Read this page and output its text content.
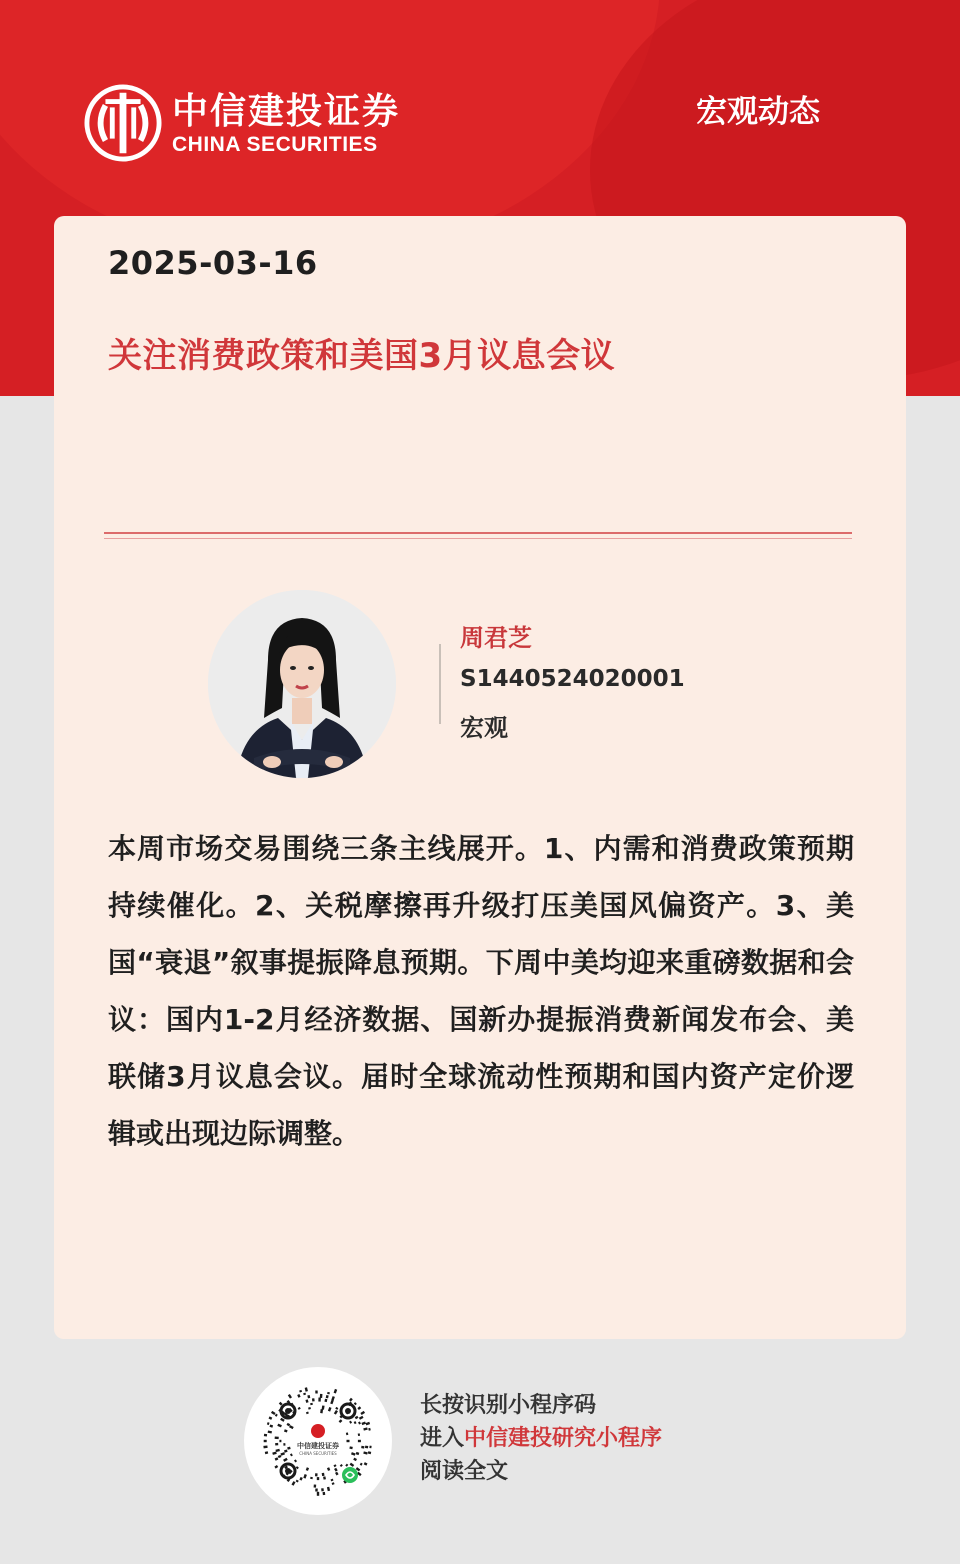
中信建投证券
CHINA SECURITIES
宏观动态
2025-03-16
关注消费政策和美国3月议息会议
周君芝
S1440524020001
宏观
本周市场交易围绕三条主线展开。1、内需和消费政策预期持续催化。2、关税摩擦再升级打压美国风偏资产。3、美国“衰退”叙事提振降息预期。下周中美均迎来重磅数据和会议：国内1-2月经济数据、国新办提振消费新闻发布会、美联储3月议息会议。届时全球流动性预期和国内资产定价逻辑或出现边际调整。
中信建投证券
CHINA SECURITIES
长按识别小程序码
进入中信建投研究小程序
阅读全文
